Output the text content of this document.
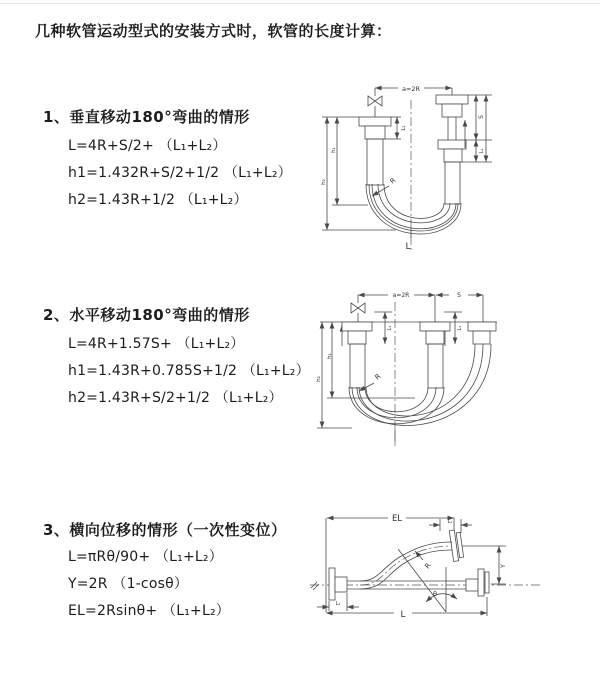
几种软管运动型式的安装方式时，软管的长度计算：
1、垂直移动180°弯曲的情形
L=4R+S/2+ （L₁+L₂）
h1=1.432R+S/2+1/2 （L₁+L₂）
h2=1.43R+1/2 （L₁+L₂）
2、水平移动180°弯曲的情形
L=4R+1.57S+ （L₁+L₂）
h1=1.43R+0.785S+1/2 （L₁+L₂）
h2=1.43R+S/2+1/2 （L₁+L₂）
3、横向位移的情形（一次性变位）
L=πRθ/90+ （L₁+L₂）
Y=2R （1-cosθ）
EL=2Rsinθ+ （L₁+L₂）
a=2R
L₁
h₁
h₂
S
L₁
R
L
a=2R	S
L₁	L₁
h₁
h₂	R
EL	L₁
Y
R
θ
L
L₁
